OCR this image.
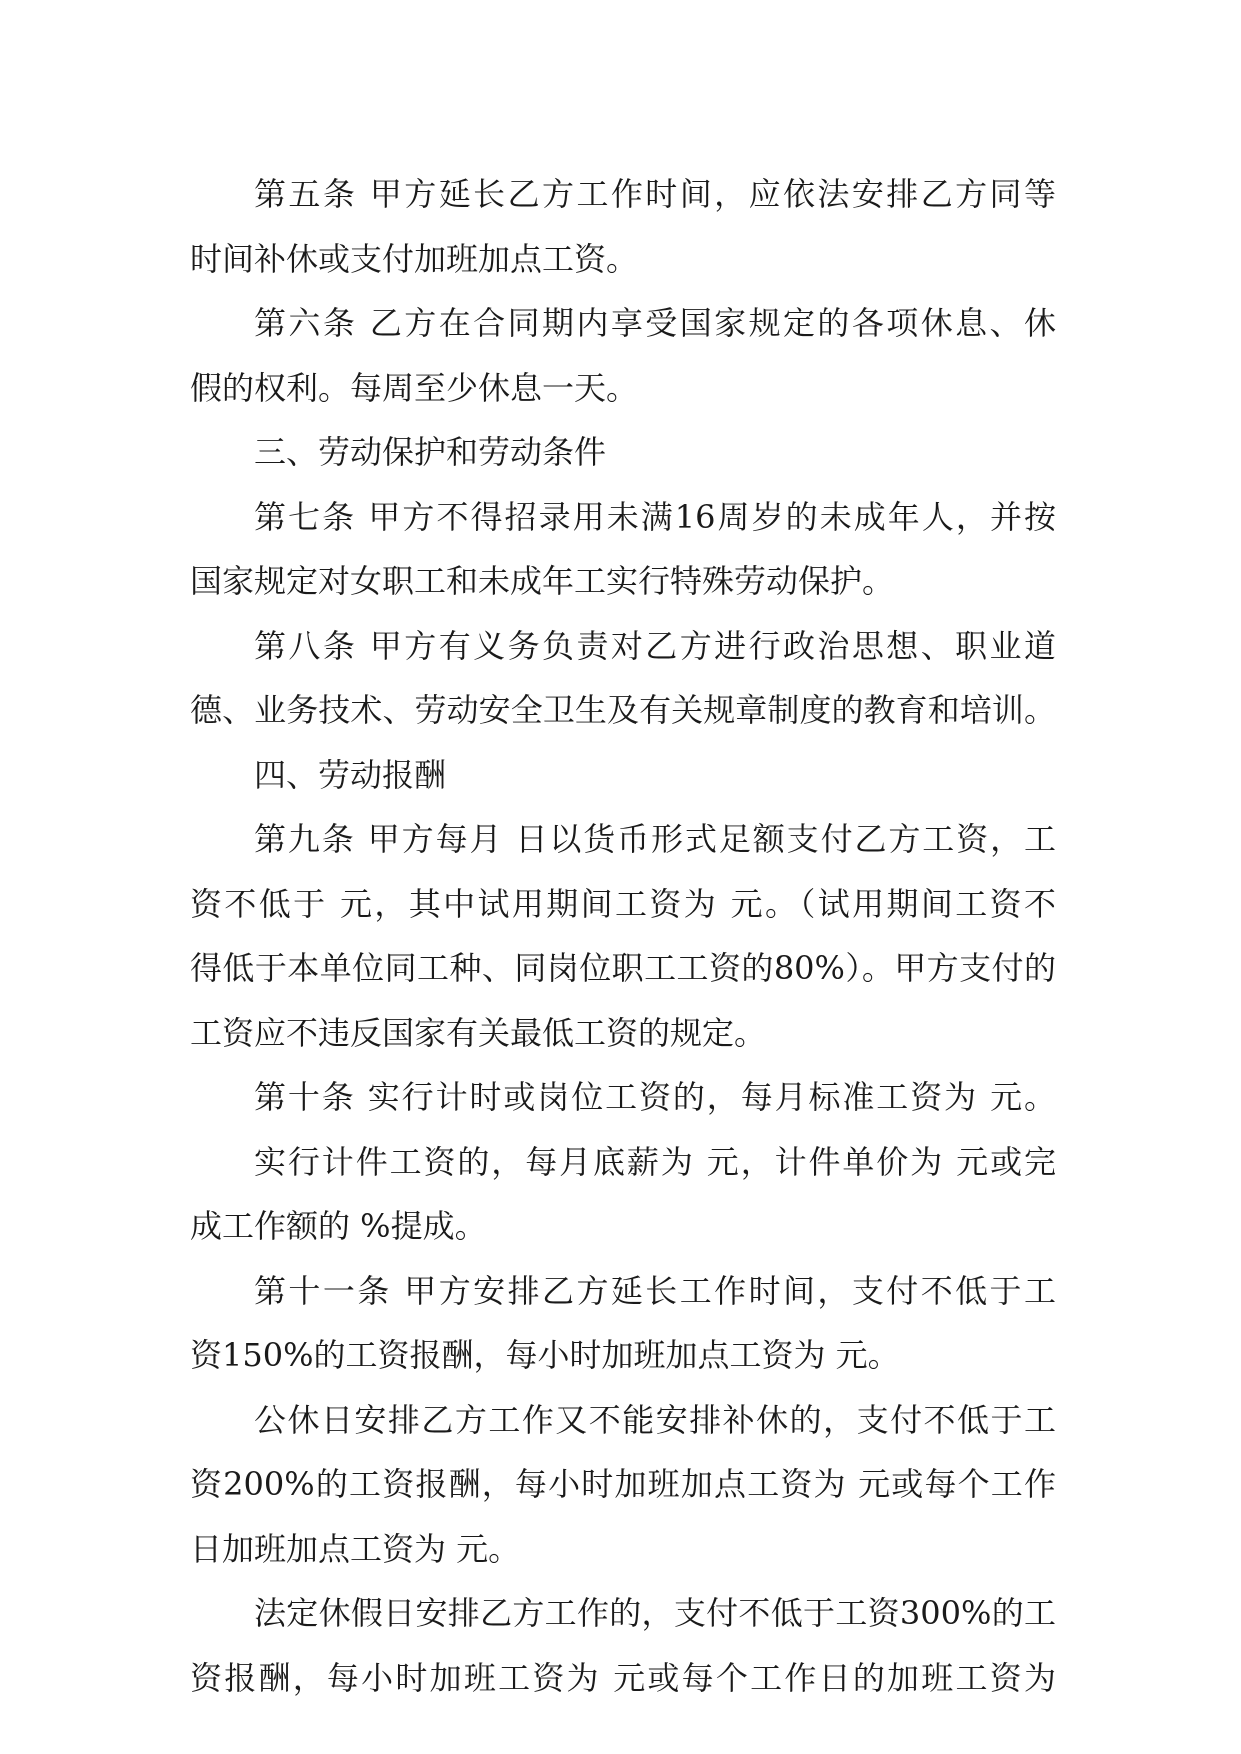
第五条 甲方延长乙方工作时间，应依法安排乙方同等
时间补休或支付加班加点工资。
第六条 乙方在合同期内享受国家规定的各项休息、休
假的权利。每周至少休息一天。
三、劳动保护和劳动条件
第七条 甲方不得招录用未满16周岁的未成年人，并按
国家规定对女职工和未成年工实行特殊劳动保护。
第八条 甲方有义务负责对乙方进行政治思想、职业道
德、业务技术、劳动安全卫生及有关规章制度的教育和培训。
四、劳动报酬
第九条 甲方每月 日以货币形式足额支付乙方工资，工
资不低于 元，其中试用期间工资为 元。（试用期间工资不
得低于本单位同工种、同岗位职工工资的80%）。甲方支付的
工资应不违反国家有关最低工资的规定。
第十条 实行计时或岗位工资的，每月标准工资为 元。
实行计件工资的，每月底薪为 元，计件单价为 元或完
成工作额的 %提成。
第十一条 甲方安排乙方延长工作时间，支付不低于工
资150%的工资报酬，每小时加班加点工资为 元。
公休日安排乙方工作又不能安排补休的，支付不低于工
资200%的工资报酬，每小时加班加点工资为 元或每个工作
日加班加点工资为 元。
法定休假日安排乙方工作的，支付不低于工资300%的工
资报酬，每小时加班工资为 元或每个工作日的加班工资为
